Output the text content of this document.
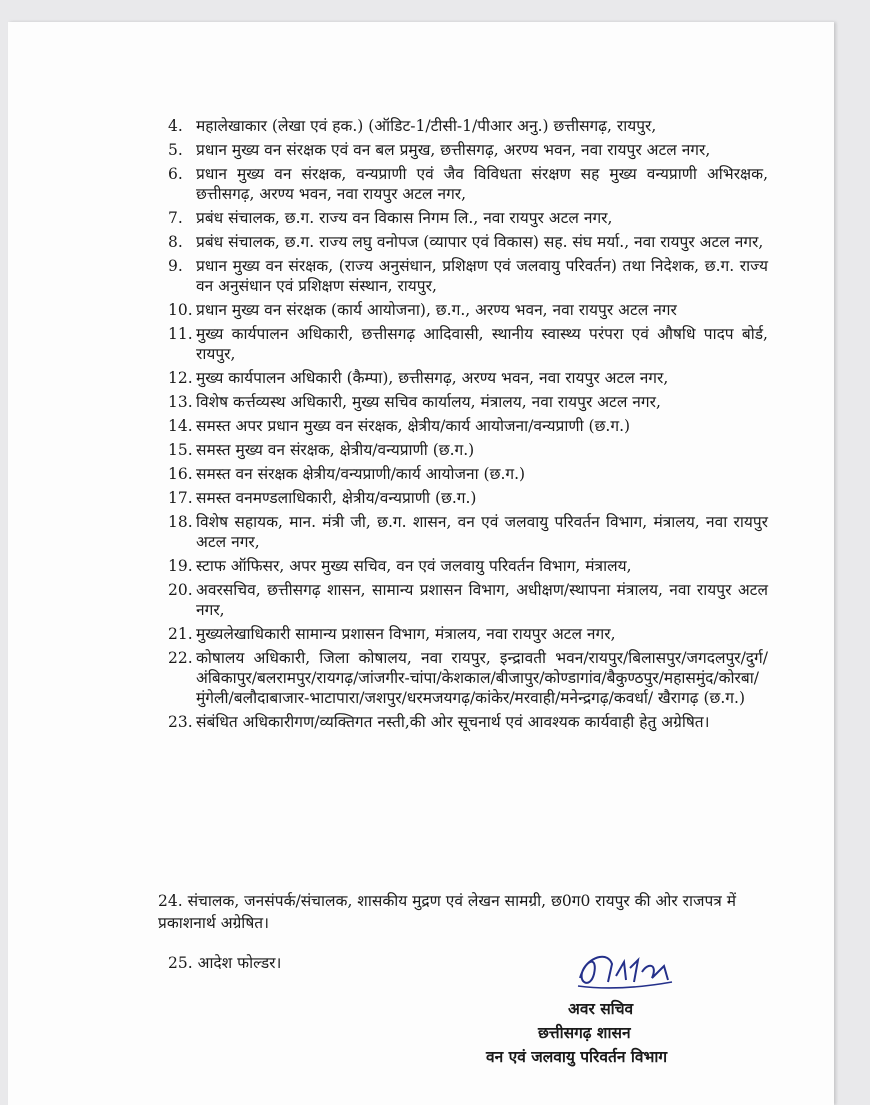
4. महालेखाकार (लेखा एवं हक.) (ऑडिट-1/टीसी-1/पीआर अनु.) छत्तीसगढ़, रायपुर,
5. प्रधान मुख्य वन संरक्षक एवं वन बल प्रमुख, छत्तीसगढ़, अरण्य भवन, नवा रायपुर अटल नगर,
6. प्रधान मुख्य वन संरक्षक, वन्यप्राणी एवं जैव विविधता संरक्षण सह मुख्य वन्यप्राणी अभिरक्षक, छत्तीसगढ़, अरण्य भवन, नवा रायपुर अटल नगर,
7. प्रबंध संचालक, छ.ग. राज्य वन विकास निगम लि., नवा रायपुर अटल नगर,
8. प्रबंध संचालक, छ.ग. राज्य लघु वनोपज (व्यापार एवं विकास) सह. संघ मर्या., नवा रायपुर अटल नगर,
9. प्रधान मुख्य वन संरक्षक, (राज्य अनुसंधान, प्रशिक्षण एवं जलवायु परिवर्तन) तथा निदेशक, छ.ग. राज्य वन अनुसंधान एवं प्रशिक्षण संस्थान, रायपुर,
10. प्रधान मुख्य वन संरक्षक (कार्य आयोजना), छ.ग., अरण्य भवन, नवा रायपुर अटल नगर
11. मुख्य कार्यपालन अधिकारी, छत्तीसगढ़ आदिवासी, स्थानीय स्वास्थ्य परंपरा एवं औषधि पादप बोर्ड, रायपुर,
12. मुख्य कार्यपालन अधिकारी (कैम्पा), छत्तीसगढ़, अरण्य भवन, नवा रायपुर अटल नगर,
13. विशेष कर्त्तव्यस्थ अधिकारी, मुख्य सचिव कार्यालय, मंत्रालय, नवा रायपुर अटल नगर,
14. समस्त अपर प्रधान मुख्य वन संरक्षक, क्षेत्रीय/कार्य आयोजना/वन्यप्राणी (छ.ग.)
15. समस्त मुख्य वन संरक्षक, क्षेत्रीय/वन्यप्राणी (छ.ग.)
16. समस्त वन संरक्षक क्षेत्रीय/वन्यप्राणी/कार्य आयोजना (छ.ग.)
17. समस्त वनमण्डलाधिकारी, क्षेत्रीय/वन्यप्राणी (छ.ग.)
18. विशेष सहायक, मान. मंत्री जी, छ.ग. शासन, वन एवं जलवायु परिवर्तन विभाग, मंत्रालय, नवा रायपुर अटल नगर,
19. स्टाफ ऑफिसर, अपर मुख्य सचिव, वन एवं जलवायु परिवर्तन विभाग, मंत्रालय,
20. अवरसचिव, छत्तीसगढ़ शासन, सामान्य प्रशासन विभाग, अधीक्षण/स्थापना मंत्रालय, नवा रायपुर अटल नगर,
21. मुख्यलेखाधिकारी सामान्य प्रशासन विभाग, मंत्रालय, नवा रायपुर अटल नगर,
22. कोषालय अधिकारी, जिला कोषालय, नवा रायपुर, इन्द्रावती भवन/रायपुर/बिलासपुर/जगदलपुर/दुर्ग/अंबिकापुर/बलरामपुर/रायगढ़/जांजगीर-चांपा/केशकाल/बीजापुर/कोण्डागांव/बैकुण्ठपुर/महासमुंद/कोरबा/मुंगेली/बलौदाबाजार-भाटापारा/जशपुर/धरमजयगढ़/कांकेर/मरवाही/मनेन्द्रगढ़/कवर्धा/ खैरागढ़ (छ.ग.)
23. संबंधित अधिकारीगण/व्यक्तिगत नस्ती,की ओर सूचनार्थ एवं आवश्यक कार्यवाही हेतु अग्रेषित।
24. संचालक, जनसंपर्क/संचालक, शासकीय मुद्रण एवं लेखन सामग्री, छ0ग0 रायपुर की ओर राजपत्र में प्रकाशनार्थ अग्रेषित।
25. आदेश फोल्डर।
अवर सचिव
छत्तीसगढ़ शासन
वन एवं जलवायु परिवर्तन विभाग
